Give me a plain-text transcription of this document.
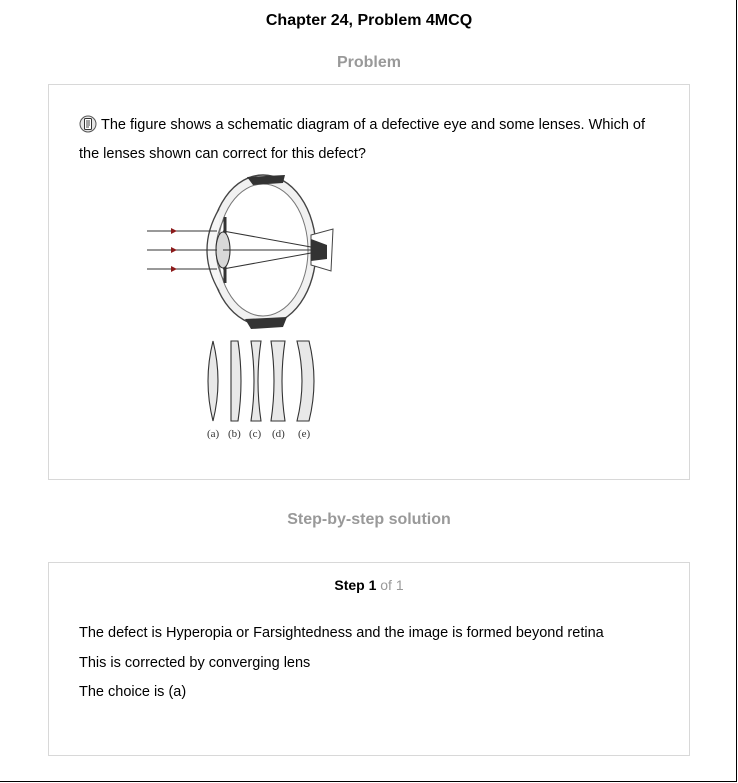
Chapter 24, Problem 4MCQ
Problem
The figure shows a schematic diagram of a defective eye and some lenses. Which of the lenses shown can correct for this defect?
(a) (b) (c) (d) (e)
Step-by-step solution
Step 1 of 1
The defect is Hyperopia or Farsightedness and the image is formed beyond retina
This is corrected by converging lens
The choice is (a)
